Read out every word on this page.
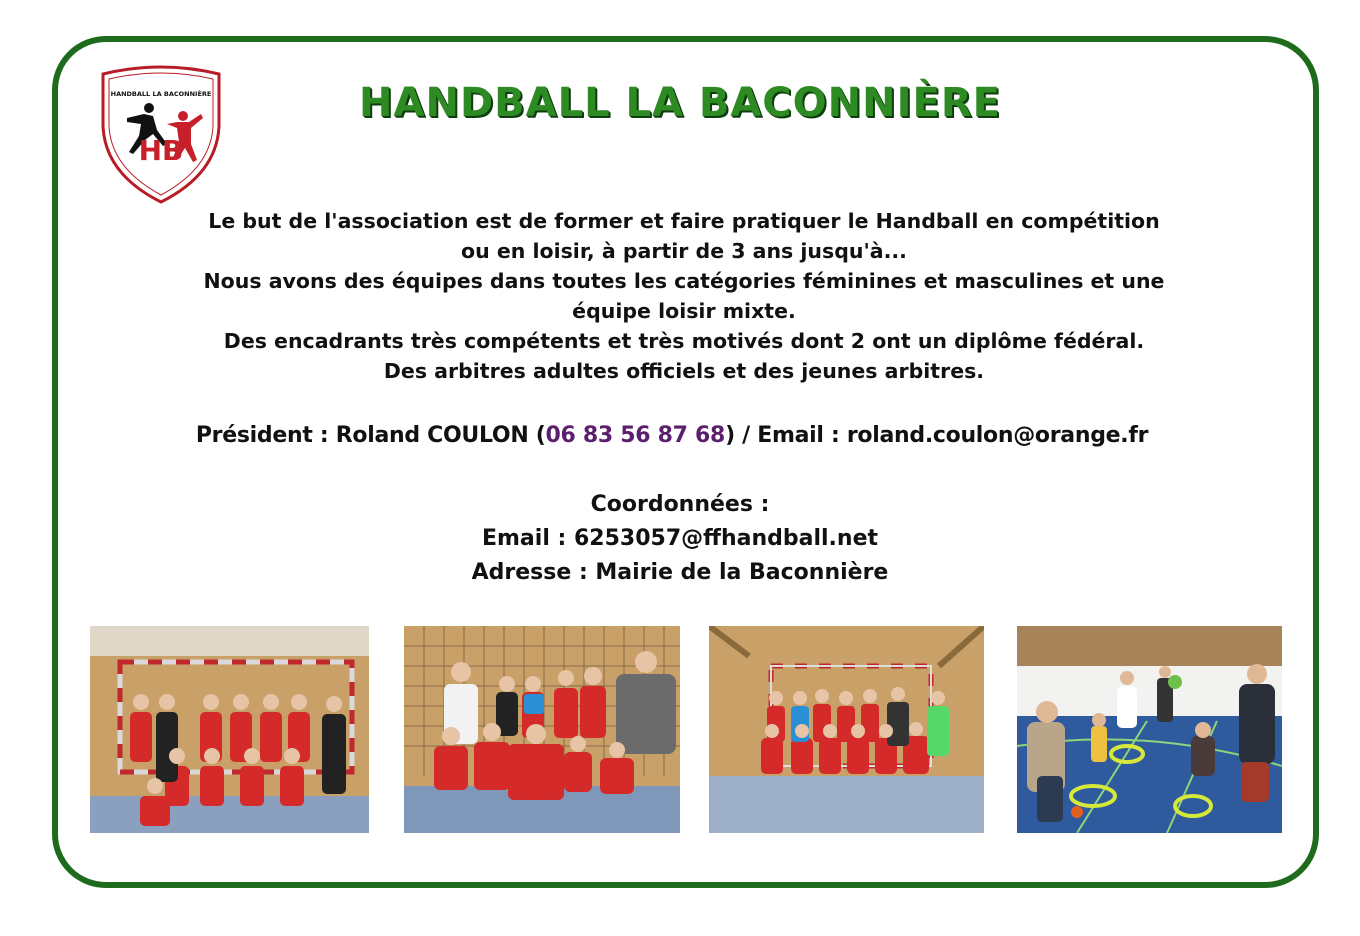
HB
HANDBALL LA BACONNIÈRE	HANDBALL LA BACONNIÈRE
Le but de l'association est de former et faire pratiquer le Handball en compétition
ou en loisir, à partir de 3 ans jusqu'à...
Nous avons des équipes dans toutes les catégories féminines et masculines et une
équipe loisir mixte.
Des encadrants très compétents et très motivés dont 2 ont un diplôme fédéral.
Des arbitres adultes officiels et des jeunes arbitres.
Président : Roland COULON (06 83 56 87 68) / Email : roland.coulon@orange.fr
Coordonnées :
Email : 6253057@ffhandball.net
Adresse : Mairie de la Baconnière
